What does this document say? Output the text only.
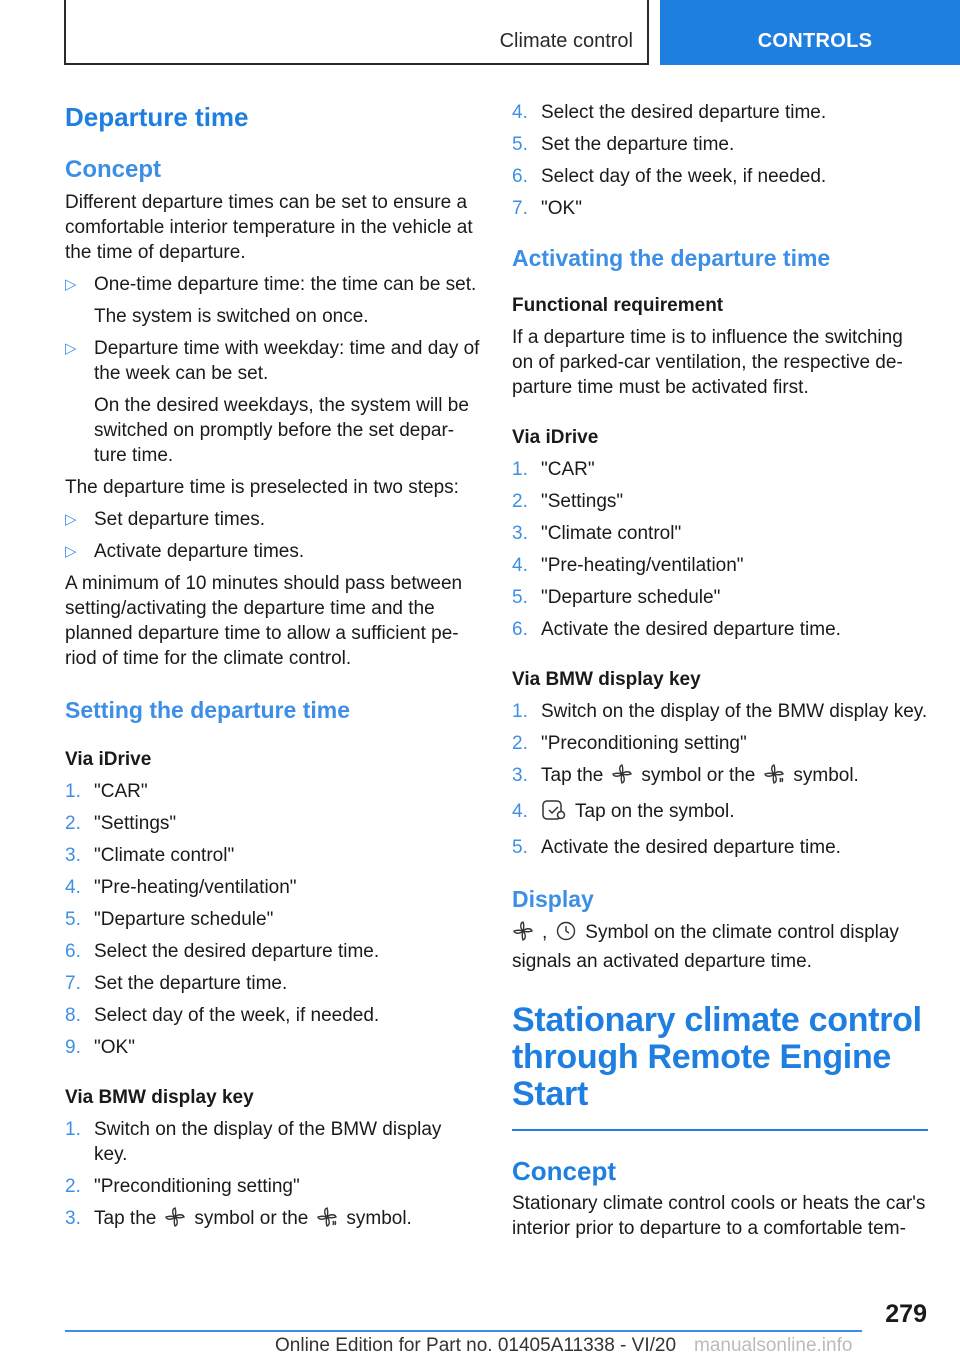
Climate control	CONTROLS
Departure time
Concept

Different departure times can be set to ensure a comfortable interior temperature in the vehicle at the time of departure.

▷ One-time departure time: the time can be set.
The system is switched on once.
▷ Departure time with weekday: time and day of the week can be set.
On the desired weekdays, the system will be switched on promptly before the set depar- ture time.

The departure time is preselected in two steps:

▷ Set departure times.
▷ Activate departure times.

A minimum of 10 minutes should pass between setting/activating the departure time and the planned departure time to allow a sufficient pe- riod of time for the climate control.

Setting the departure time
Via iDrive
1. "CAR"
2. "Settings"
3. "Climate control"
4. "Pre-heating/ventilation"
5. "Departure schedule"
6. Select the desired departure time.
7. Set the departure time.
8. Select day of the week, if needed.
9. "OK"
Via BMW display key
1. Switch on the display of the BMW display key.
2. "Preconditioning setting"
3. Tap the symbol or the symbol.
4. Select the desired departure time.
5. Set the departure time.
6. Select day of the week, if needed.
7. "OK"
Activating the departure time
Functional requirement

If a departure time is to influence the switching on of parked-car ventilation, the respective de- parture time must be activated first.

Via iDrive
1. "CAR"
2. "Settings"
3. "Climate control"
4. "Pre-heating/ventilation"
5. "Departure schedule"
6. Activate the desired departure time.
Via BMW display key
1. Switch on the display of the BMW display key.
2. "Preconditioning setting"
3. Tap the symbol or the symbol.
4. Tap on the symbol.
5. Activate the desired departure time.
Display

, Symbol on the climate control display
signals an activated departure time.

Stationary climate control through Remote Engine Start
Concept

Stationary climate control cools or heats the car's interior prior to departure to a comfortable tem-

279
Online Edition for Part no. 01405A11338 - VI/20 manualsonline.info
